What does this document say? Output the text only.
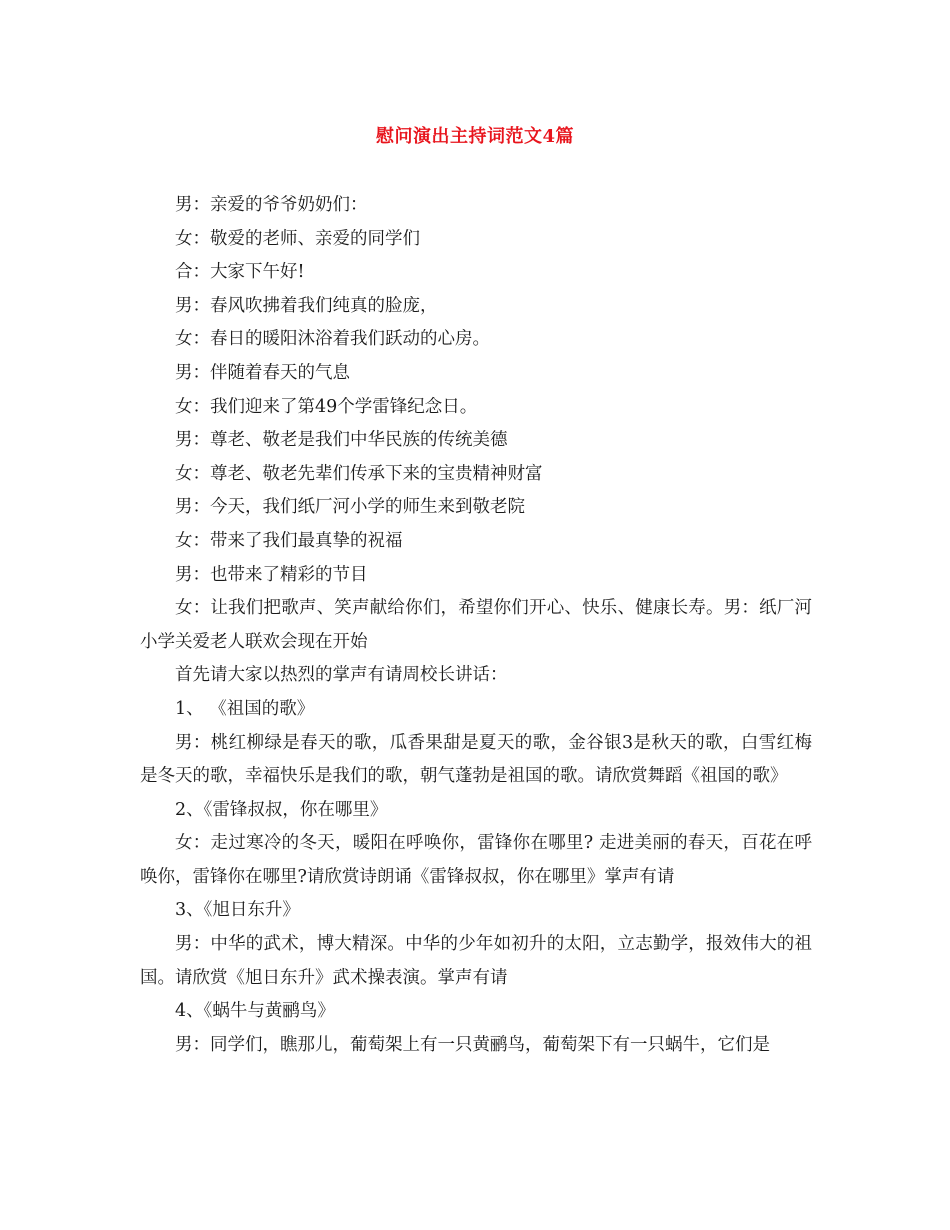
慰问演出主持词范文4篇

男：亲爱的爷爷奶奶们：

女：敬爱的老师、亲爱的同学们

合：大家下午好!

男：春风吹拂着我们纯真的脸庞，

女：春日的暖阳沐浴着我们跃动的心房。

男：伴随着春天的气息

女：我们迎来了第49个学雷锋纪念日。

男：尊老、敬老是我们中华民族的传统美德

女：尊老、敬老先辈们传承下来的宝贵精神财富

男：今天，我们纸厂河小学的师生来到敬老院

女：带来了我们最真挚的祝福

男：也带来了精彩的节目

女：让我们把歌声、笑声献给你们，希望你们开心、快乐、健康长寿。男：纸厂河小学关爱老人联欢会现在开始

首先请大家以热烈的掌声有请周校长讲话：

1、 《祖国的歌》

男：桃红柳绿是春天的歌，瓜香果甜是夏天的歌，金谷银3是秋天的歌，白雪红梅是冬天的歌，幸福快乐是我们的歌，朝气蓬勃是祖国的歌。请欣赏舞蹈《祖国的歌》

2、《雷锋叔叔，你在哪里》

女：走过寒冷的冬天，暖阳在呼唤你，雷锋你在哪里? 走进美丽的春天，百花在呼唤你，雷锋你在哪里?请欣赏诗朗诵《雷锋叔叔，你在哪里》掌声有请

3、《旭日东升》

男：中华的武术，博大精深。中华的少年如初升的太阳，立志勤学，报效伟大的祖国。请欣赏《旭日东升》武术操表演。掌声有请

4、《蜗牛与黄鹂鸟》

男：同学们，瞧那儿，葡萄架上有一只黄鹂鸟，葡萄架下有一只蜗牛，它们是
